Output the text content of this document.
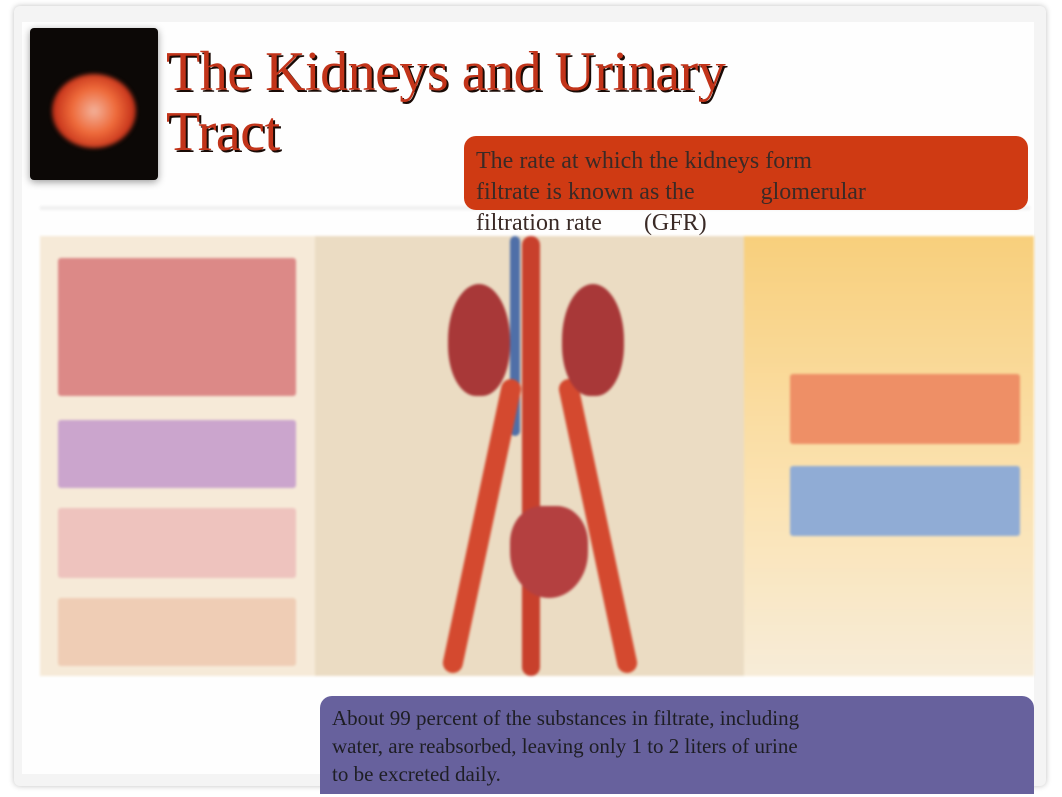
The Kidneys and Urinary
Tract	The rate at which the kidneys form
filtrate is known as the           glomerular
filtration rate       (GFR)
About 99 percent of the substances in filtrate, including
water, are reabsorbed, leaving only 1 to 2 liters of urine
to be excreted daily.
